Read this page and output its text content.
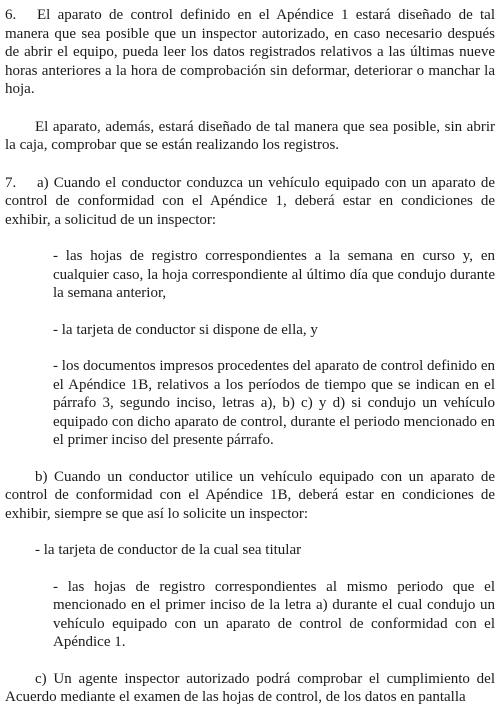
6. El aparato de control definido en el Apéndice 1 estará diseñado de tal manera que sea posible que un inspector autorizado, en caso necesario después de abrir el equipo, pueda leer los datos registrados relativos a las últimas nueve horas anteriores a la hora de comprobación sin deformar, deteriorar o manchar la hoja.

El aparato, además, estará diseñado de tal manera que sea posible, sin abrir la caja, comprobar que se están realizando los registros.

7. a) Cuando el conductor conduzca un vehículo equipado con un aparato de control de conformidad con el Apéndice 1, deberá estar en condiciones de exhibir, a solicitud de un inspector:

- las hojas de registro correspondientes a la semana en curso y, en cualquier caso, la hoja correspondiente al último día que condujo durante la semana anterior,

- la tarjeta de conductor si dispone de ella, y

- los documentos impresos procedentes del aparato de control definido en el Apéndice 1B, relativos a los períodos de tiempo que se indican en el párrafo 3, segundo inciso, letras a), b) c) y d) si condujo un vehículo equipado con dicho aparato de control, durante el periodo mencionado en el primer inciso del presente párrafo.

b) Cuando un conductor utilice un vehículo equipado con un aparato de control de conformidad con el Apéndice 1B, deberá estar en condiciones de exhibir, siempre se que así lo solicite un inspector:

- la tarjeta de conductor de la cual sea titular

- las hojas de registro correspondientes al mismo periodo que el mencionado en el primer inciso de la letra a) durante el cual condujo un vehículo equipado con un aparato de control de conformidad con el Apéndice 1.

c) Un agente inspector autorizado podrá comprobar el cumplimiento del Acuerdo mediante el examen de las hojas de control, de los datos en pantalla
